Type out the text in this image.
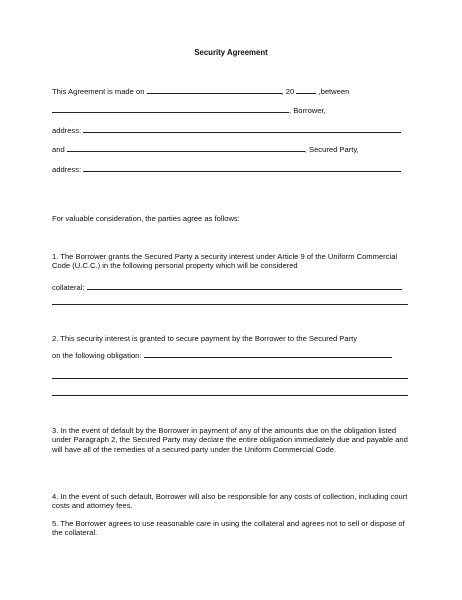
Security Agreement
This Agreement is made on	, 20	,between
, Borrower,
address:
and	, Secured Party,
address:
For valuable consideration, the parties agree as follows:
1. The Borrower grants the Secured Party a security interest under Article 9 of the Uniform Commercial Code (U.C.C.) in the following personal property which will be considered
collateral:
2. This security interest is granted to secure payment by the Borrower to the Secured Party
on the following obligation:
3. In the event of default by the Borrower in payment of any of the amounts due on the obligation listed under Paragraph 2, the Secured Party may declare the entire obligation immediately due and payable and will have all of the remedies of a secured party under the Uniform Commercial Code.
4. In the event of such default, Borrower will also be responsible for any costs of collection, including court costs and attorney fees.
5. The Borrower agrees to use reasonable care in using the collateral and agrees not to sell or dispose of the collateral.
